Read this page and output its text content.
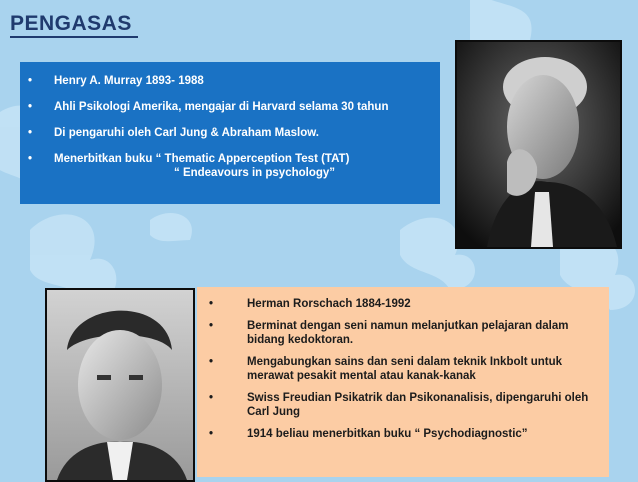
PENGASAS
• Henry A. Murray 1893- 1988
• Ahli Psikologi Amerika, mengajar di Harvard selama 30 tahun
• Di pengaruhi oleh Carl Jung & Abraham Maslow.
• Menerbitkan buku “ Thematic Apperception Test (TAT)
“ Endeavours in psychology”
•	Herman Rorschach 1884-1992
•	Berminat dengan seni namun melanjutkan pelajaran dalam bidang kedoktoran.
•	Mengabungkan sains dan seni dalam teknik Inkbolt untuk merawat pesakit mental atau kanak-kanak
•	Swiss Freudian Psikatrik dan Psikonanalisis, dipengaruhi oleh Carl Jung
•	1914 beliau menerbitkan buku “ Psychodiagnostic”
